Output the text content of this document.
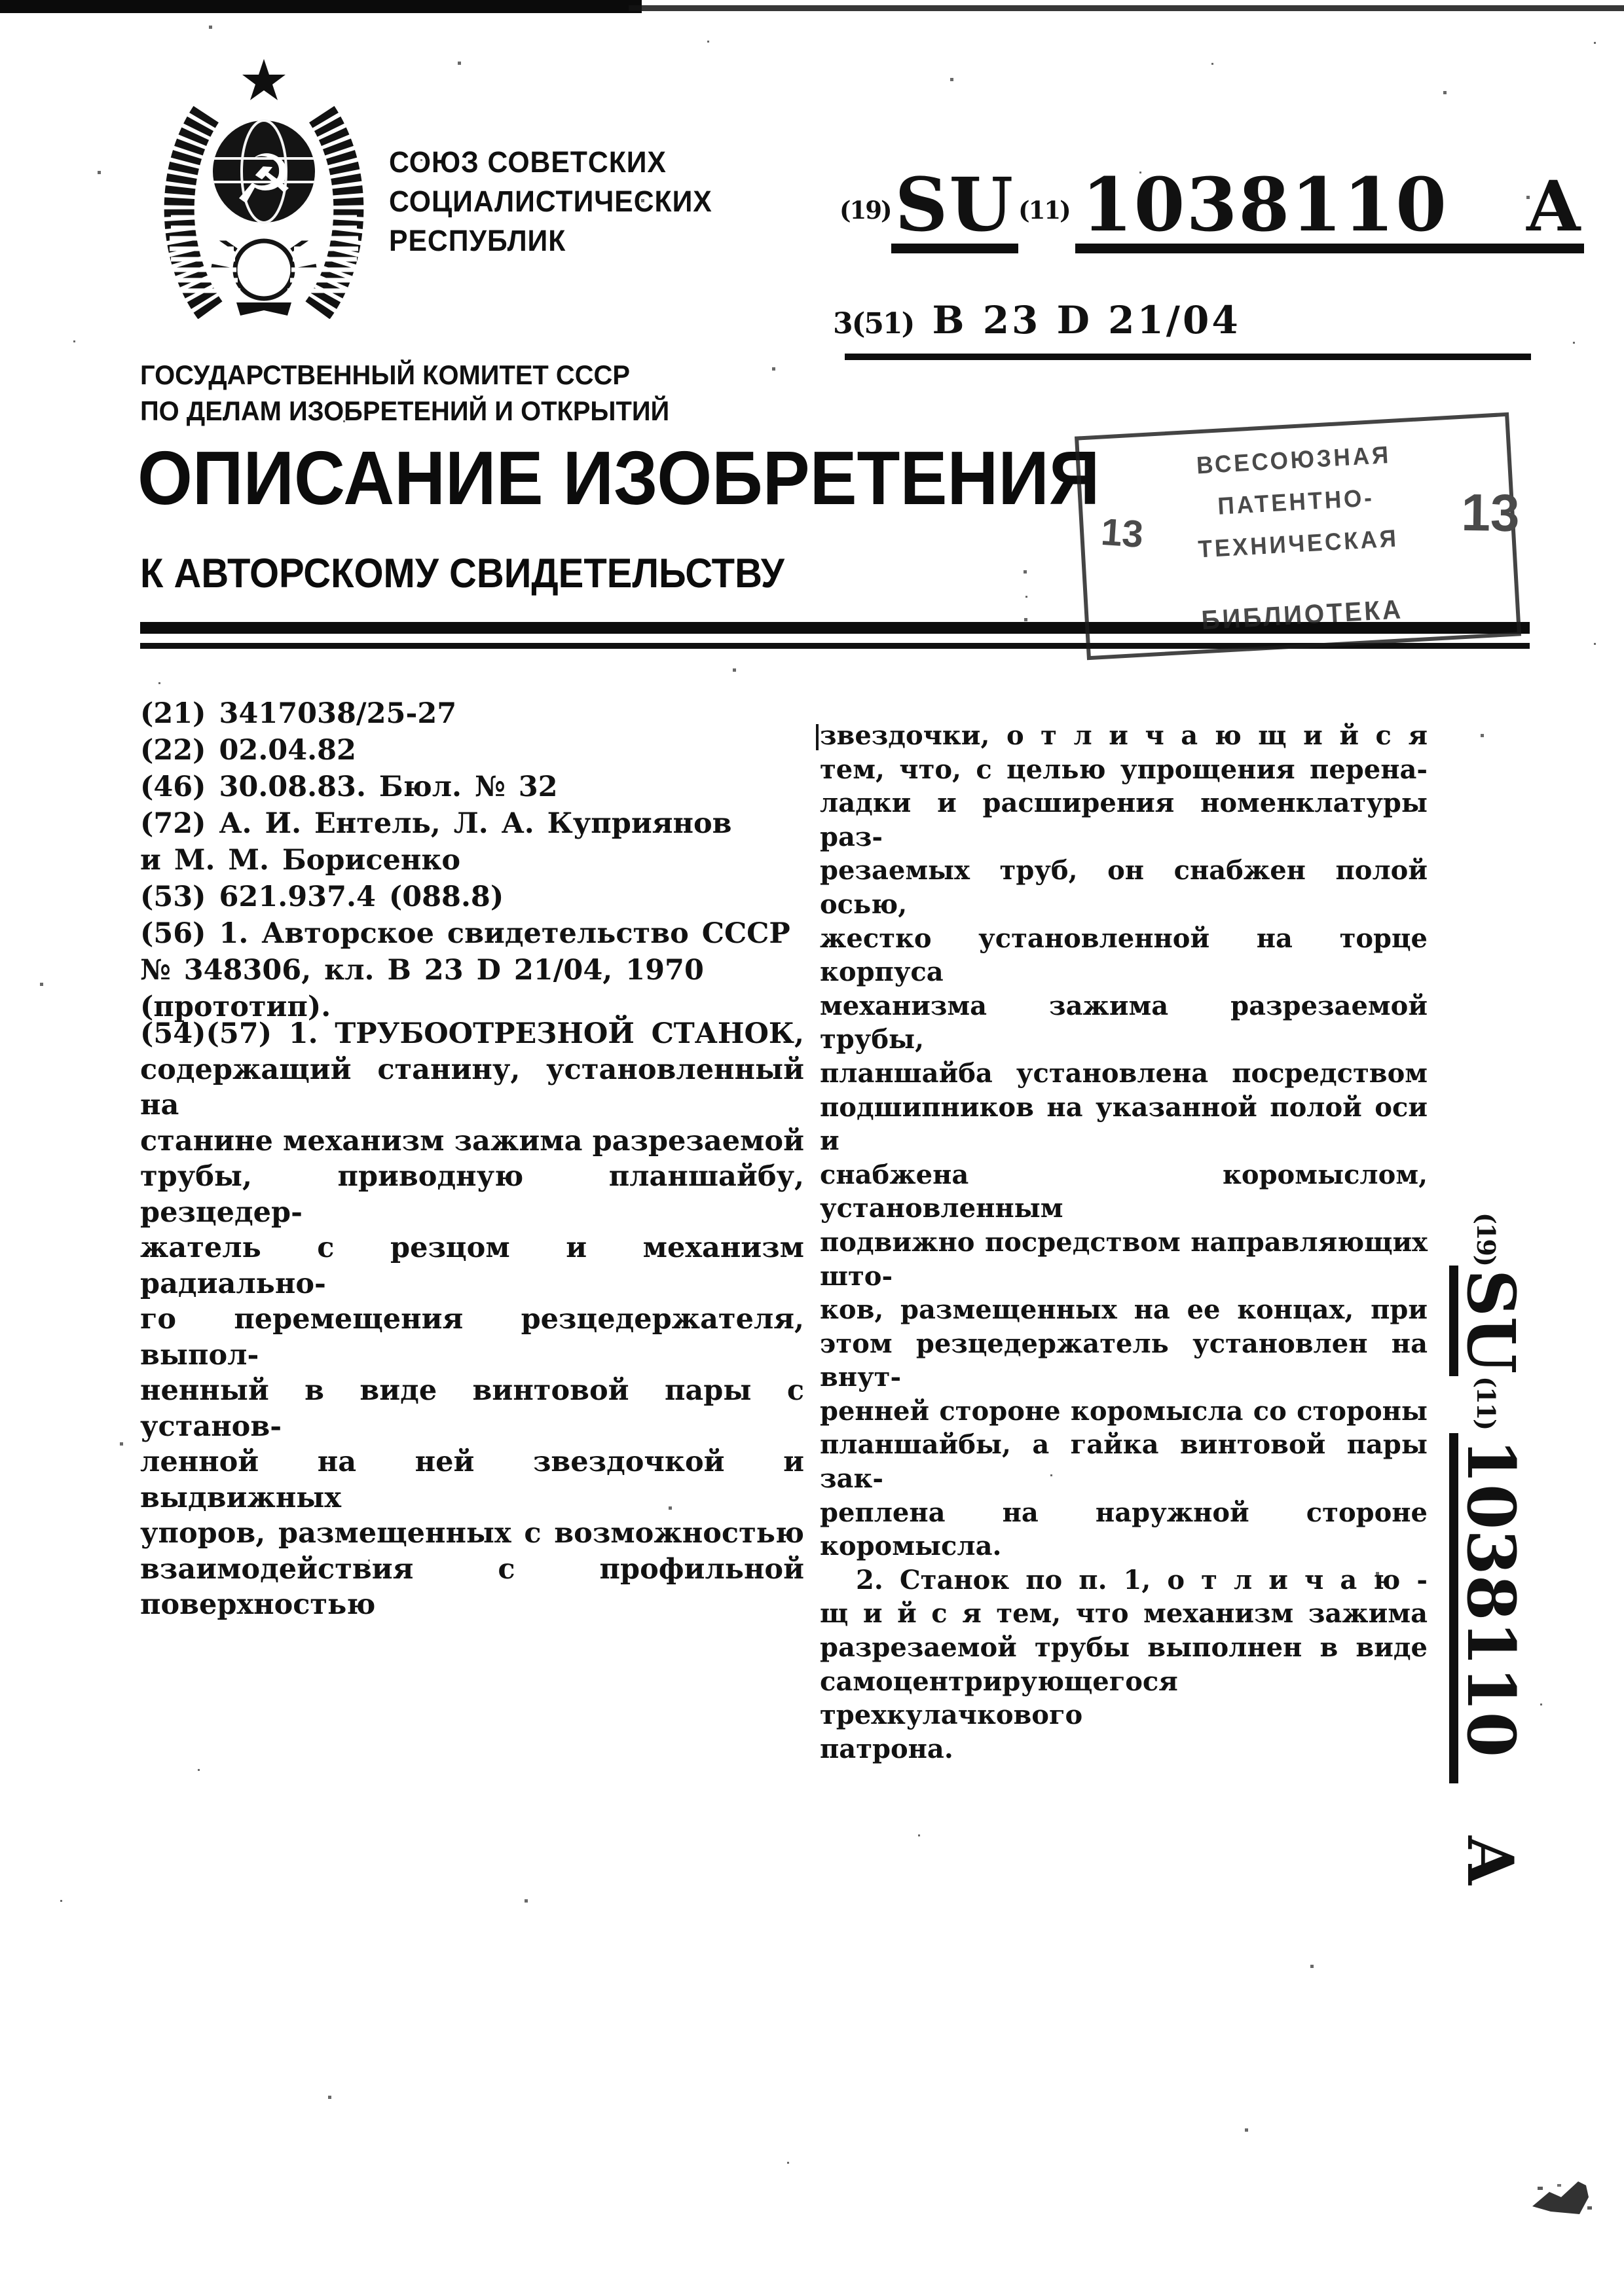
☭	СОЮЗ СОВЕТСКИХ
СОЦИАЛИСТИЧЕСКИХ
РЕСПУБЛИК
(19)SU (11) 1038110 A
3(51) В 23 D 21/04
ГОСУДАРСТВЕННЫЙ КОМИТЕТ СССР
ПО ДЕЛАМ ИЗОБРЕТЕНИЙ И ОТКРЫТИЙ
ОПИСАНИЕ ИЗОБРЕТЕНИЯ
К АВТОРСКОМУ СВИДЕТЕЛЬСТВУ
ВСЕСОЮЗНАЯ
ПАТЕНТНО-
ТЕХНИЧЕСКАЯ
БИБЛИОТЕКА
13	13
(21) 3417038/25-27
(22) 02.04.82
(46) 30.08.83. Бюл. № 32
(72) А. И. Ентель, Л. А. Куприянов
и М. М. Борисенко
(53) 621.937.4 (088.8)
(56) 1. Авторское свидетельство СССР
№ 348306, кл. В 23 D 21/04, 1970
(прототип).
(54)(57) 1. ТРУБООТРЕЗНОЙ СТАНОК,
содержащий станину, установленный на
станине механизм зажима разрезаемой
трубы, приводную планшайбу, резцедер-
жатель с резцом и механизм радиально-
го перемещения резцедержателя, выпол-
ненный в виде винтовой пары с установ-
ленной на ней звездочкой и выдвижных
упоров, размещенных с возможностью
взаимодействия с профильной поверхностью
звездочки, о т л и ч а ю щ и й с я
тем, что, с целью упрощения перена-
ладки и расширения номенклатуры раз-
резаемых труб, он снабжен полой осью,
жестко установленной на торце корпуса
механизма зажима разрезаемой трубы,
планшайба установлена посредством
подшипников на указанной полой оси и
снабжена коромыслом, установленным
подвижно посредством направляющих што-
ков, размещенных на ее концах, при
этом резцедержатель установлен на внут-
ренней стороне коромысла со стороны
планшайбы, а гайка винтовой пары зак-
реплена на наружной стороне коромысла.
2. Станок по п. 1, о т л и ч а ю -
щ и й с я тем, что механизм зажима
разрезаемой трубы выполнен в виде
самоцентрирующегося трехкулачкового
патрона.
(19)SU(11)1038110A
